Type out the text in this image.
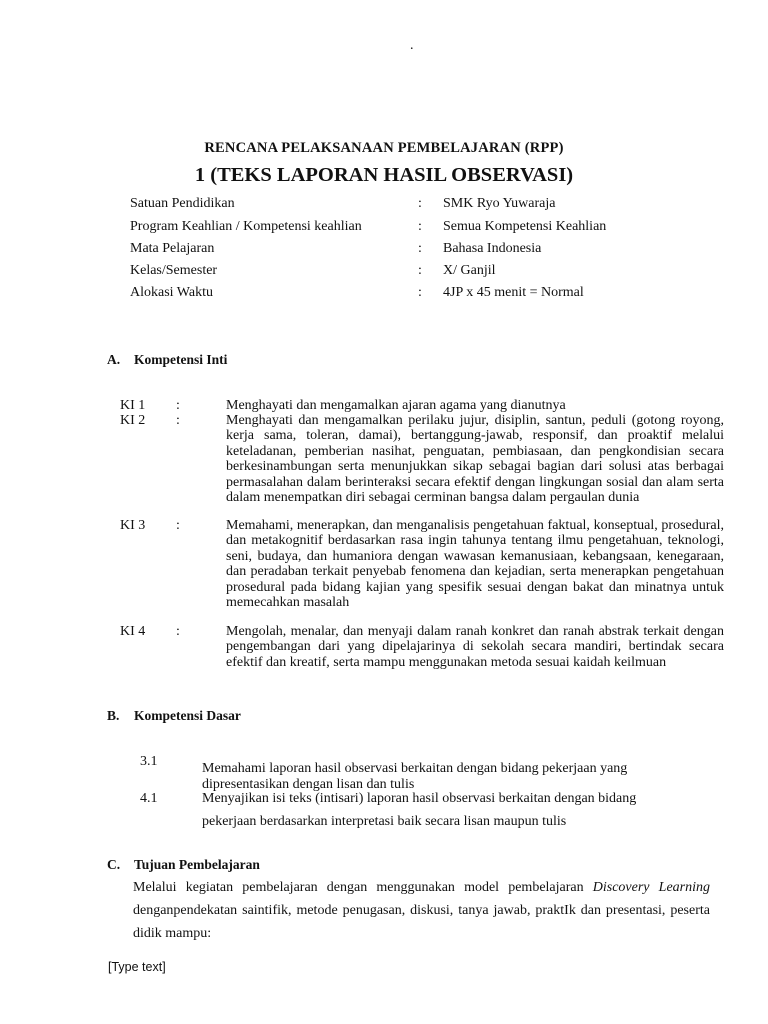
.
RENCANA PELAKSANAAN PEMBELAJARAN (RPP)
1 (TEKS LAPORAN HASIL OBSERVASI)
Satuan Pendidikan	: SMK Ryo Yuwaraja
Program Keahlian / Kompetensi keahlian	: Semua Kompetensi Keahlian
Mata Pelajaran	: Bahasa Indonesia
Kelas/Semester	: X/ Ganjil
Alokasi Waktu	: 4JP x 45 menit = Normal
A. Kompetensi Inti
KI 1 :	Menghayati dan mengamalkan ajaran agama yang dianutnya
KI 2 :	Menghayati dan mengamalkan perilaku jujur, disiplin, santun, peduli (gotong royong, kerja sama, toleran, damai), bertanggung-jawab, responsif, dan proaktif melalui keteladanan, pemberian nasihat, penguatan, pembiasaan, dan pengkondisian secara berkesinambungan serta menunjukkan sikap sebagai bagian dari solusi atas berbagai permasalahan dalam berinteraksi secara efektif dengan lingkungan sosial dan alam serta dalam menempatkan diri sebagai cerminan bangsa dalam pergaulan dunia
KI 3 :	Memahami, menerapkan, dan menganalisis pengetahuan faktual, konseptual, prosedural, dan metakognitif berdasarkan rasa ingin tahunya tentang ilmu pengetahuan, teknologi, seni, budaya, dan humaniora dengan wawasan kemanusiaan, kebangsaan, kenegaraan, dan peradaban terkait penyebab fenomena dan kejadian, serta menerapkan pengetahuan prosedural pada bidang kajian yang spesifik sesuai dengan bakat dan minatnya untuk memecahkan masalah
KI 4 :	Mengolah, menalar, dan menyaji dalam ranah konkret dan ranah abstrak terkait dengan pengembangan dari yang dipelajarinya di sekolah secara mandiri, bertindak secara efektif dan kreatif, serta mampu menggunakan metoda sesuai kaidah keilmuan
B. Kompetensi Dasar
3.1	Memahami laporan hasil observasi berkaitan dengan bidang pekerjaan yang dipresentasikan dengan lisan dan tulis
4.1	Menyajikan isi teks (intisari) laporan hasil observasi berkaitan dengan bidang
pekerjaan berdasarkan interpretasi baik secara lisan maupun tulis
C. Tujuan Pembelajaran
Melalui kegiatan pembelajaran dengan menggunakan model pembelajaran Discovery Learning denganpendekatan saintifik, metode penugasan, diskusi, tanya jawab, praktIk dan presentasi, peserta didik mampu:
[Type text]
